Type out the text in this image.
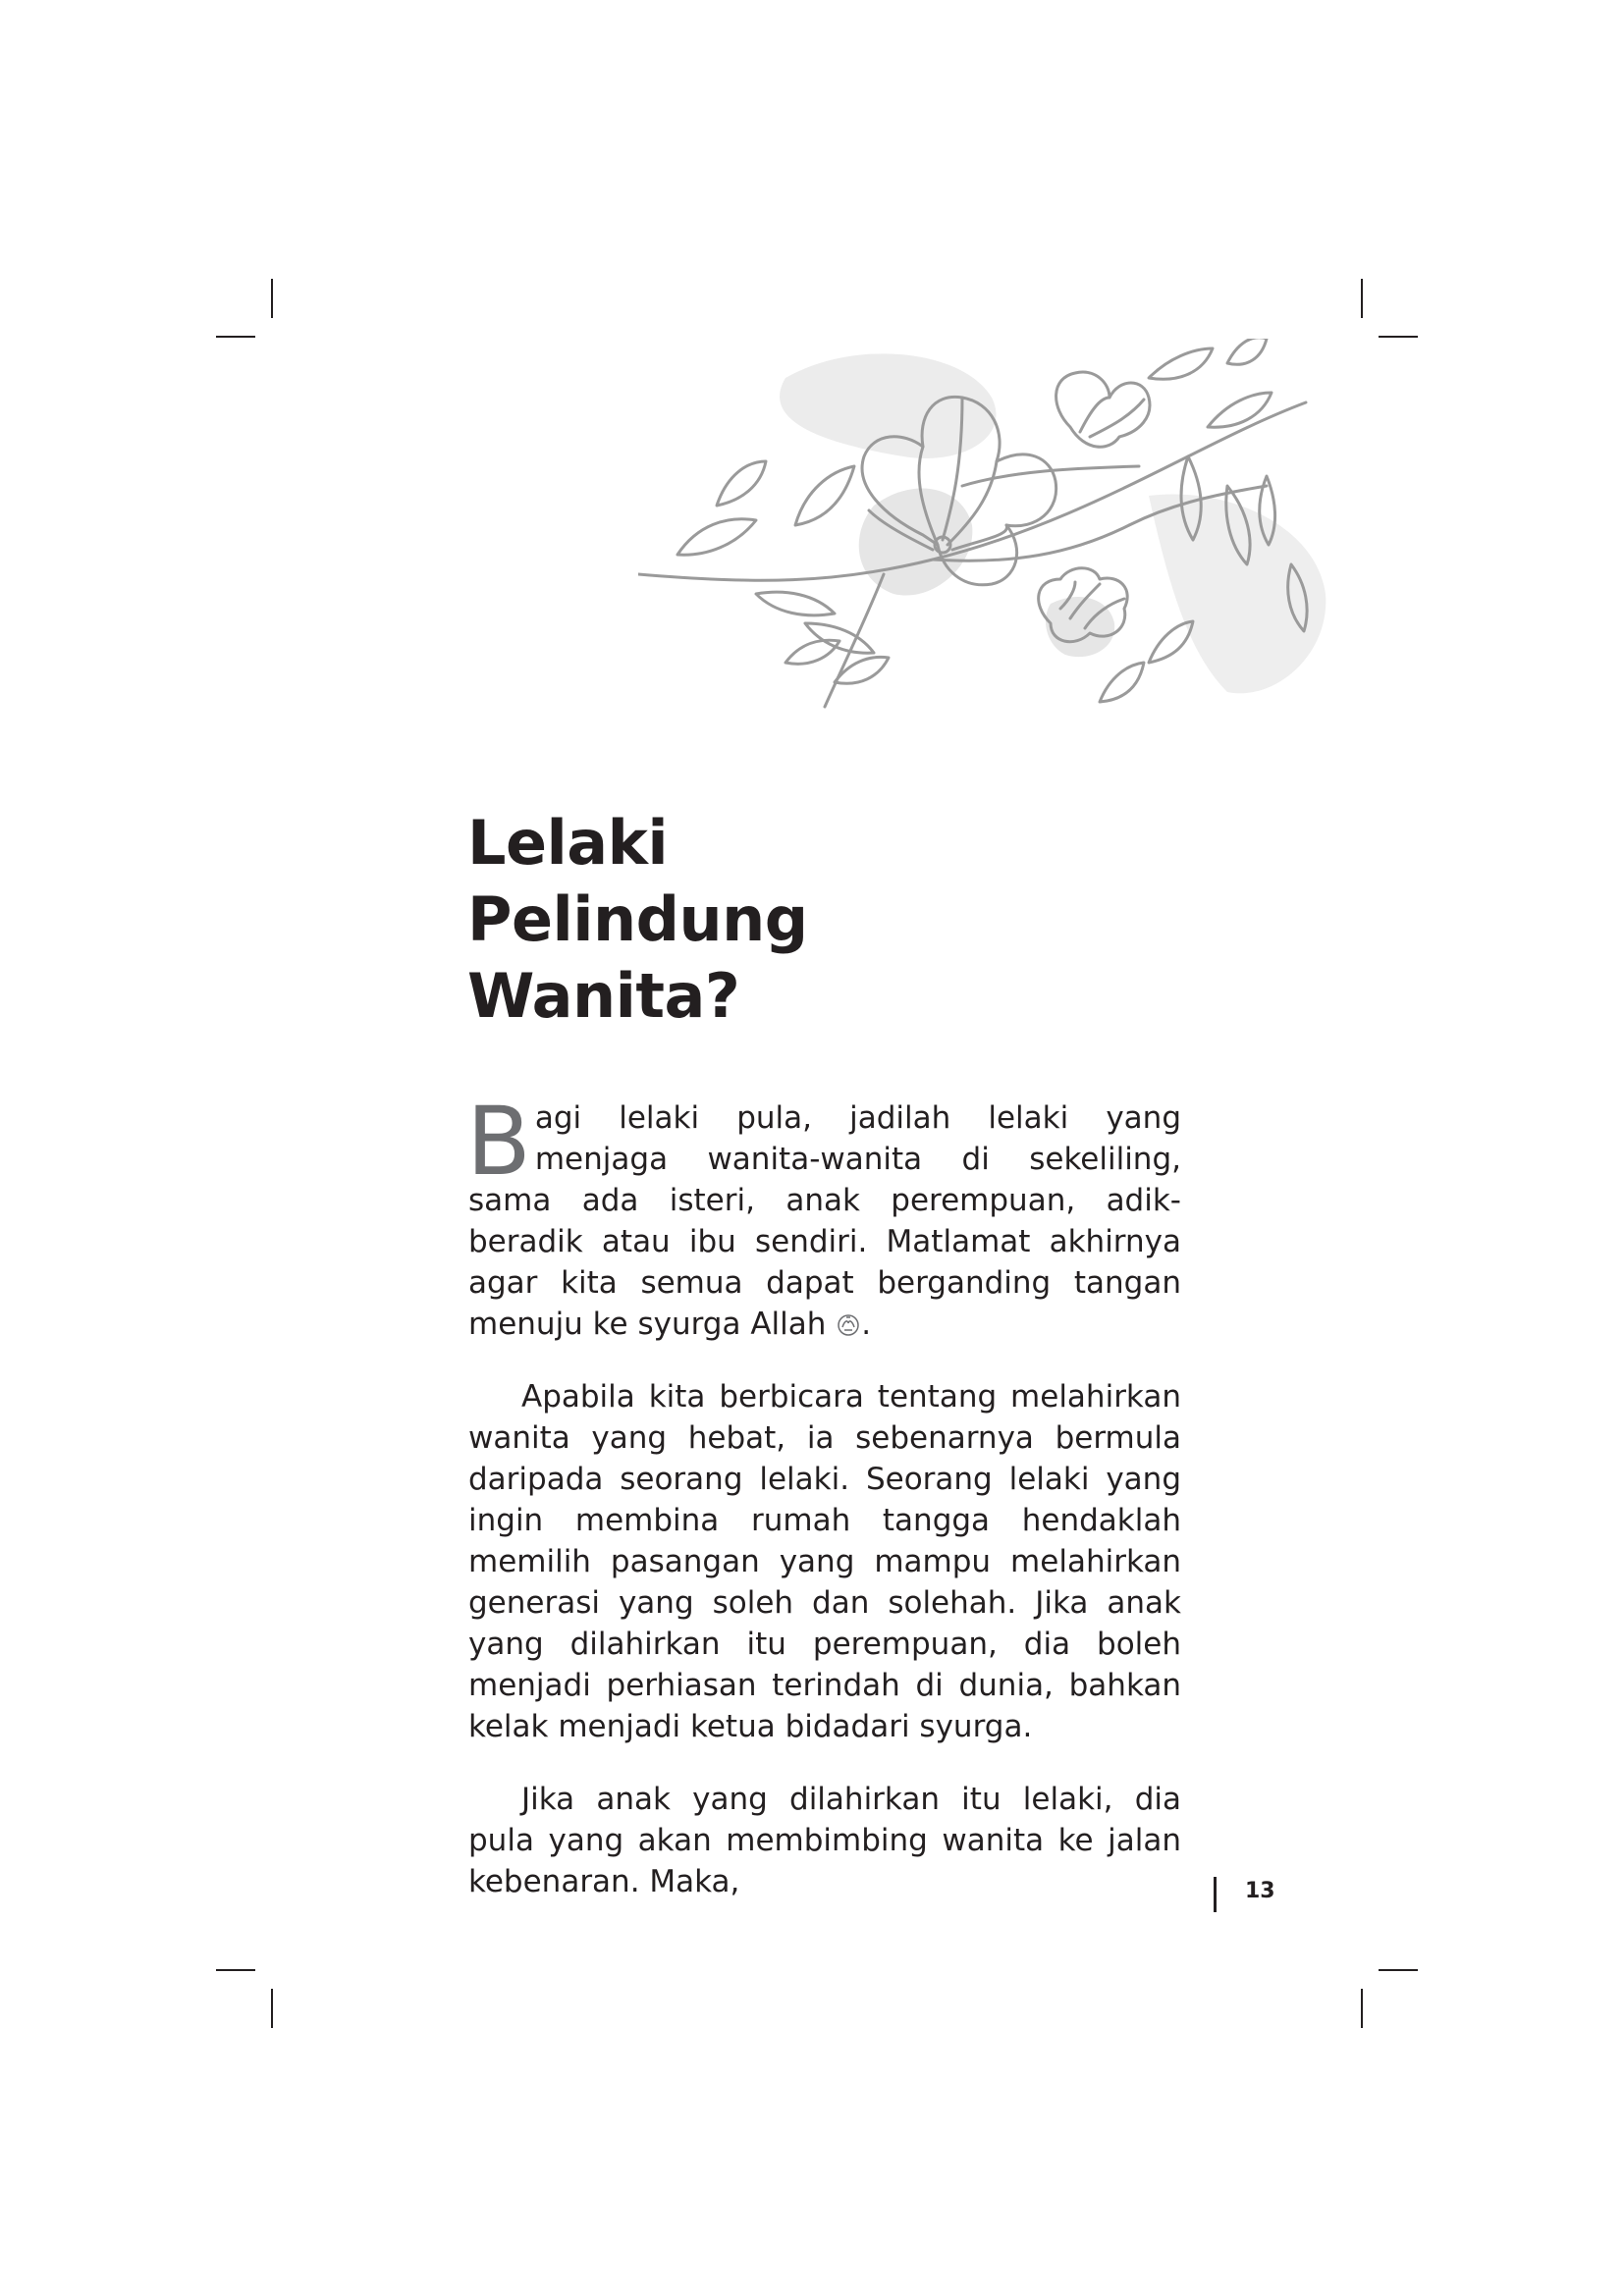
Lelaki
Pelindung
Wanita?

Bagi lelaki pula, jadilah lelaki yang menjaga wanita-wanita di sekeliling, sama ada isteri, anak perempuan, adik-beradik atau ibu sendiri. Matlamat akhirnya agar kita semua dapat berganding tangan menuju ke syurga Allah .

Apabila kita berbicara tentang melahirkan wanita yang hebat, ia sebenarnya bermula daripada seorang lelaki. Seorang lelaki yang ingin membina rumah tangga hendaklah memilih pasangan yang mampu melahirkan generasi yang soleh dan solehah. Jika anak yang dilahirkan itu perempuan, dia boleh menjadi perhiasan terindah di dunia, bahkan kelak menjadi ketua bidadari syurga.

Jika anak yang dilahirkan itu lelaki, dia pula yang akan membimbing wanita ke jalan kebenaran. Maka,	13
